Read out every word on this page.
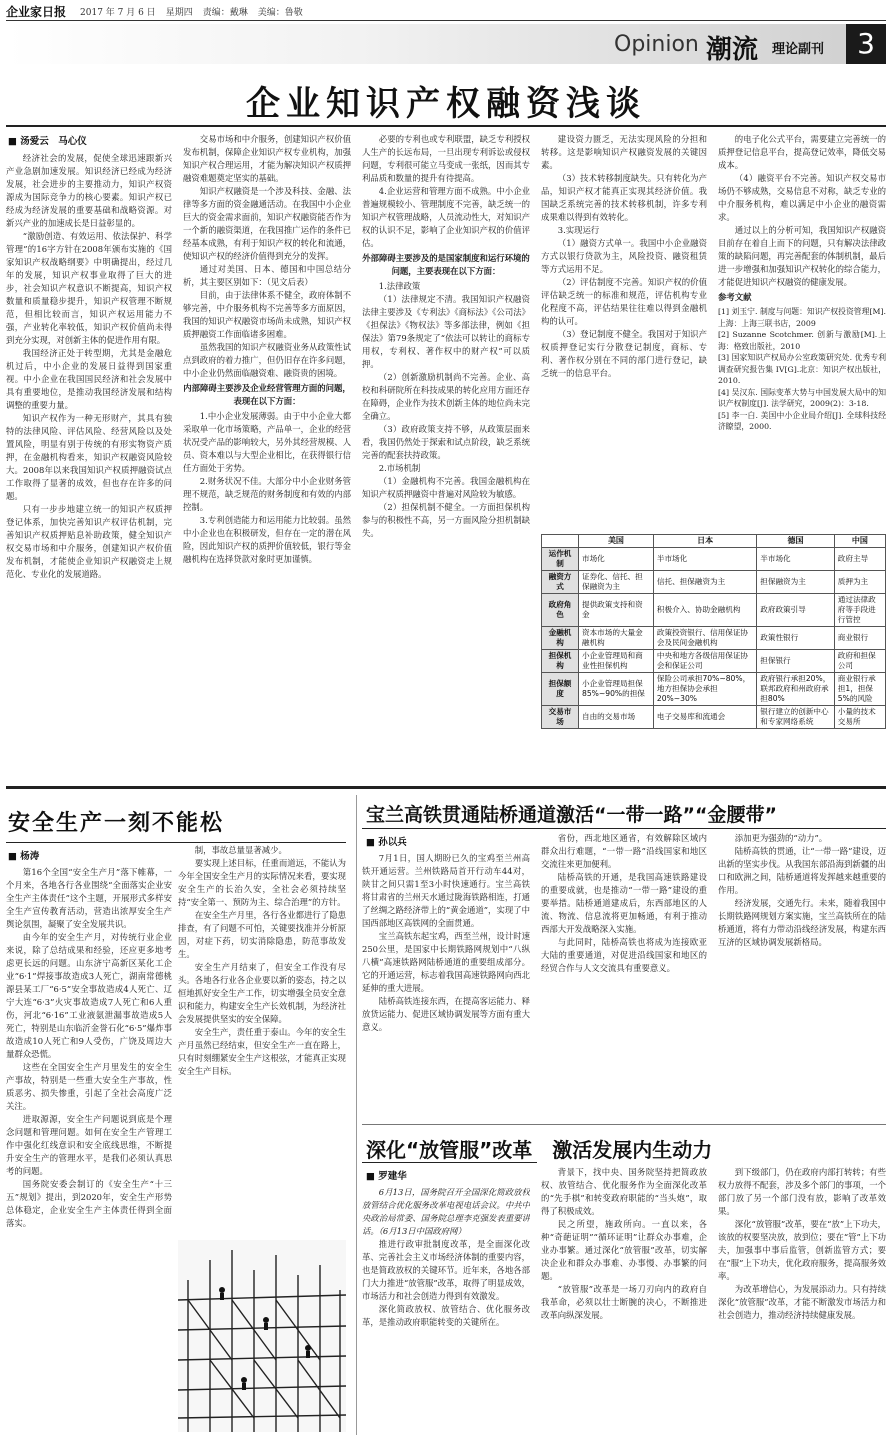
企业家日报 2017 年 7 月 6 日 星期四 责编：戴琳 美编：鲁敬
Opinion 潮流 理论副刊	3
企业知识产权融资浅谈
■ 汤爱云　马心仪

经济社会的发展，促使全球迅速跟新兴产业急剧加速发展。知识经济已经成为经济发展，社会进步的主要推动力，知识产权资源成为国际竞争力的核心要素。知识产权已经成为经济发展的重要基础和战略资源。对新兴产业的加速成长是日益彰显的。

“激励创造、有效运用、依法保护、科学管理”的16字方针在2008年颁布实施的《国家知识产权战略纲要》中明确提出，经过几年的发展，知识产权事业取得了巨大的进步，社会知识产权意识不断提高，知识产权数量和质量稳步提升，知识产权管理不断规范，但相比较而言，知识产权运用能力不强，产业转化率较低，知识产权价值尚未得到充分实现，对创新主体的促进作用有限。

我国经济正处于转型期，尤其是金融危机过后，中小企业的发展日益得到国家重视。中小企业在我国国民经济和社会发展中具有重要地位，是推动我国经济发展和结构调整的重要力量。

知识产权作为一种无形财产，其具有独特的法律风险、评估风险、经营风险以及处置风险，明显有别于传统的有形实物资产质押，在金融机构看来，知识产权融资风险较大。2008年以来我国知识产权质押融资试点工作取得了显著的成效，但也存在许多的问题。

只有一步步地建立统一的知识产权质押登记体系，加快完善知识产权评估机制，完善知识产权质押贴息补助政策，健全知识产权交易市场和中介服务，创建知识产权价值发布机制，才能使企业知识产权融资走上规范化、专业化的发展道路。

交易市场和中介服务，创建知识产权价值发布机制，保障企业知识产权专业机构，加强知识产权合理运用，才能为解决知识产权质押融资难题奠定坚实的基础。

知识产权融资是一个涉及科技、金融、法律等多方面的资金融通活动。在我国中小企业巨大的资金需求面前，知识产权融资能否作为一个新的融资渠道，在我国推广运作的条件已经基本成熟，有利于知识产权的转化和流通，使知识产权的经济价值得到充分的发挥。

通过对美国、日本、德国和中国总结分析，其主要区别如下：（见文后表）

目前，由于法律体系不健全，政府体制不够完善，中介服务机构不完善等多方面原因，我国的知识产权融资市场尚未成熟，知识产权质押融资工作面临诸多困难。

虽然我国的知识产权融资业务从政策性试点到政府的着力推广，但仍旧存在许多问题，中小企业仍然面临融资难、融资贵的困境。

内部障碍主要涉及企业经营管理方面的问题，表现在以下方面：

1.中小企业发展薄弱。由于中小企业大都采取单一化市场策略，产品单一，企业的经营状况受产品的影响较大，另外其经营规模、人员、资本难以与大型企业相比，在获得银行信任方面处于劣势。

2.财务状况不佳。大部分中小企业财务管理不规范，缺乏规范的财务制度和有效的内部控制。

3.专利创造能力和运用能力比较弱。虽然中小企业也在积极研发，但存在一定的潜在风险，因此知识产权的质押价值较低，银行等金融机构在选择贷款对象时更加谨慎。

必要的专利也或专利联盟，缺乏专利授权人生产的长远布局，一旦出现专利诉讼或侵权问题，专利很可能立马变成一张纸，因而其专利品质和数量的提升有待提高。

4.企业运营和管理方面不成熟。中小企业普遍规模较小、管理制度不完善，缺乏统一的知识产权管理战略，人员流动性大，对知识产权的认识不足，影响了企业知识产权的价值评估。

外部障碍主要涉及的是国家制度和运行环境的问题，主要表现在以下方面：

1.法律政策

（1）法律规定不清。我国知识产权融资法律主要涉及《专利法》《商标法》《公司法》《担保法》《物权法》等多部法律，例如《担保法》第79条规定了“依法可以转让的商标专用权，专利权、著作权中的财产权”可以质押。

（2）创新激励机制尚不完善。企业、高校和科研院所在科技成果的转化应用方面还存在障碍，企业作为技术创新主体的地位尚未完全确立。

（3）政府政策支持不够，从政策层面来看，我国仍然处于探索和试点阶段，缺乏系统完善的配套扶持政策。

2.市场机制

（1）金融机构不完善。我国金融机构在知识产权质押融资中普遍对风险较为敏感。

（2）担保机制不健全。一方面担保机构参与的积极性不高，另一方面风险分担机制缺失。

建设资力匮乏，无法实现风险的分担和转移。这是影响知识产权融资发展的关键因素。

（3）技术转移制度缺失。只有转化为产品，知识产权才能真正实现其经济价值。我国缺乏系统完善的技术转移机制，许多专利成果难以得到有效转化。

3.实现运行

（1）融资方式单一。我国中小企业融资方式以银行贷款为主，风险投资、融资租赁等方式运用不足。

（2）评估制度不完善。知识产权的价值评估缺乏统一的标准和规范，评估机构专业化程度不高，评估结果往往难以得到金融机构的认可。

（3）登记制度不健全。我国对于知识产权质押登记实行分散登记制度，商标、专利、著作权分别在不同的部门进行登记，缺乏统一的信息平台。

的电子化公式平台，需要建立完善统一的质押登记信息平台，提高登记效率，降低交易成本。

（4）融资平台不完善。知识产权交易市场仍不够成熟，交易信息不对称，缺乏专业的中介服务机构，难以满足中小企业的融资需求。

通过以上的分析可知，我国知识产权融资目前存在着自上而下的问题，只有解决法律政策的缺陷问题，再完善配套的体制机制，最后进一步增强和加强知识产权转化的综合能力，才能促进知识产权融资的健康发展。

参考文献

[1] 刘玉宁. 制度与问题：知识产权投资管理[M].上海：上海三联书店，2009

[2] Suzanne Scotchmer. 创新与激励[M].上海：格致出版社，2010

[3] 国家知识产权局办公室政策研究处. 优秀专利调查研究报告集 IV[G].北京：知识产权出版社，2010.

[4] 吴汉东. 国际变革大势与中国发展大局中的知识产权制度[J]. 法学研究，2009(2)：3-18.

[5] 李一白. 美国中小企业局介绍[J]. 全球科技经济瞭望，2000.

	美国	日本	德国	中国
运作机制	市场化	半市场化	半市场化	政府主导
融资方式	证券化、信托、担保融资为主	信托、担保融资为主	担保融资为主	质押为主
政府角色	提供政策支持和资金	积极介入、协助金融机构	政府政策引导	通过法律政府等手段进行管控
金融机构	资本市场的大量金融机构	政策投资银行、信用保证协会及民间金融机构	政策性银行	商业银行
担保机构	小企业管理局和商业性担保机构	中央和地方各级信用保证协会和保证公司	担保银行	政府和担保公司
担保额度	小企业管理局担保85%~90%的担保	保险公司承担70%~80%，地方担保协会承担20%~30%	政府银行承担20%，联邦政府和州政府承担80%	商业银行承担1，担保5%的风险
交易市场	自由的交易市场	电子交易库和流通会	银行建立的创新中心和专家网络系统	小量的技术交易所
安全生产一刻不能松
■ 杨涛

第16个全国“安全生产月”落下帷幕，一个月来，各地各行各业围绕“全面落实企业安全生产主体责任”这个主题，开展形式多样安全生产宣传教育活动，营造出浓厚安全生产舆论氛围，凝聚了安全发展共识。

由今年的安全生产月，对传统行业企业来说，除了总结成果和经验，还应更多地考虑更长远的问题。山东济宁高新区某化工企业“6·1”焊接事故造成3人死亡，湖南常德桃源县某工厂“6·5”安全事故造成4人死亡、辽宁大连“6·3”火灾事故造成7人死亡和6人重伤，河北“6·16”工业液氨泄漏事故造成5人死亡，特别是山东临沂金誉石化“6·5”爆炸事故造成10人死亡和9人受伤，广饶及周边大量群众恐慌。

这些在全国安全生产月里发生的安全生产事故，特别是一些重大安全生产事故，性质恶劣、损失惨重，引起了全社会高度广泛关注。

进取源源，安全生产问题说到底是个理念问题和管理问题。如何在安全生产管理工作中强化红线意识和安全底线思维，不断提升安全生产的管理水平，是我们必须认真思考的问题。

国务院安委会制订的《安全生产“十三五”规划》提出，到2020年，安全生产形势总体稳定，企业安全生产主体责任得到全面落实。

制，事故总量显著减少。

要实现上述目标，任重而道远，不能认为今年全国安全生产月的实际情况来看，要实现安全生产的长治久安，全社会必须持续坚持“安全第一、预防为主、综合治理”的方针。

在安全生产月里，各行各业都进行了隐患排查，有了问题不可怕，关键要找准并分析原因，对症下药，切实消除隐患，防范事故发生。

安全生产月结束了，但安全工作没有尽头。各地各行业各企业要以新的姿态，持之以恒地抓好安全生产工作，切实增强全员安全意识和能力，构建安全生产长效机制，为经济社会发展提供坚实的安全保障。

安全生产，责任重于泰山。今年的安全生产月虽然已经结束，但安全生产一直在路上，只有时刻绷紧安全生产这根弦，才能真正实现安全生产目标。

宝兰高铁贯通陆桥通道激活“一带一路”“金腰带”
■ 孙以兵

7月1日，国人期盼已久的宝鸡至兰州高铁开通运营。兰州铁路局首开行动车44对，陕甘之间只需1至3小时快速通行。宝兰高铁将甘肃省的兰州天水通过陇海铁路相连，打通了丝绸之路经济带上的“黄金通道”，实现了中国西部地区高铁网的全面贯通。

宝兰高铁东起宝鸡，西至兰州，设计时速250公里，是国家中长期铁路网规划中“八纵八横”高速铁路网陆桥通道的重要组成部分。它的开通运营，标志着我国高速铁路网向西北延伸的重大进展。

陆桥高铁连接东西，在提高客运能力、释放货运能力、促进区域协调发展等方面有重大意义。

省份，西北地区通省，有效解除区域内群众出行难题，“一带一路”沿线国家和地区交流往来更加便利。

陆桥高铁的开通，是我国高速铁路建设的重要成就，也是推动“一带一路”建设的重要举措。陆桥通道建成后，东西部地区的人流、物流、信息流将更加畅通，有利于推动西部大开发战略深入实施。

与此同时，陆桥高铁也将成为连接欧亚大陆的重要通道，对促进沿线国家和地区的经贸合作与人文交流具有重要意义。

添加更为强劲的“动力”。

陆桥高铁的贯通，让“一带一路”建设，迈出新的坚实步伐。从我国东部沿海到新疆的出口和欧洲之间，陆桥通道将发挥越来越重要的作用。

经济发展，交通先行。未来，随着我国中长期铁路网规划方案实施，宝兰高铁所在的陆桥通道，将有力带动沿线经济发展，构建东西互济的区域协调发展新格局。

深化“放管服”改革　激活发展内生动力
■ 罗建华

6月13日，国务院召开全国深化简政放权放管结合优化服务改革电视电话会议。中共中央政治局常委、国务院总理李克强发表重要讲话。（6月13日中国政府网）

推进行政审批制度改革，是全面深化改革、完善社会主义市场经济体制的重要内容，也是简政放权的关键环节。近年来，各地各部门大力推进“放管服”改革，取得了明显成效，市场活力和社会创造力得到有效激发。

深化简政放权、放管结合、优化服务改革，是推动政府职能转变的关键所在。

背景下，找中央、国务院坚持把简政放权、放管结合、优化服务作为全面深化改革的“先手棋”和转变政府职能的“当头炮”，取得了积极成效。

民之所望，施政所向。一直以来，各种“奇葩证明”“循环证明”让群众办事难，企业办事繁。通过深化“放管服”改革，切实解决企业和群众办事难、办事慢、办事繁的问题。

“放管服”改革是一场刀刃向内的政府自我革命，必须以壮士断腕的决心，不断推进改革向纵深发展。

到下级部门，仍在政府内部打转转；有些权力放得不配套，涉及多个部门的事项，一个部门放了另一个部门没有放，影响了改革效果。

深化“放管服”改革，要在“放”上下功夫，该放的权要坚决放，放到位；要在“管”上下功夫，加强事中事后监管，创新监管方式；要在“服”上下功夫，优化政府服务，提高服务效率。

为改革增信心，为发展添动力。只有持续深化“放管服”改革，才能不断激发市场活力和社会创造力，推动经济持续健康发展。
